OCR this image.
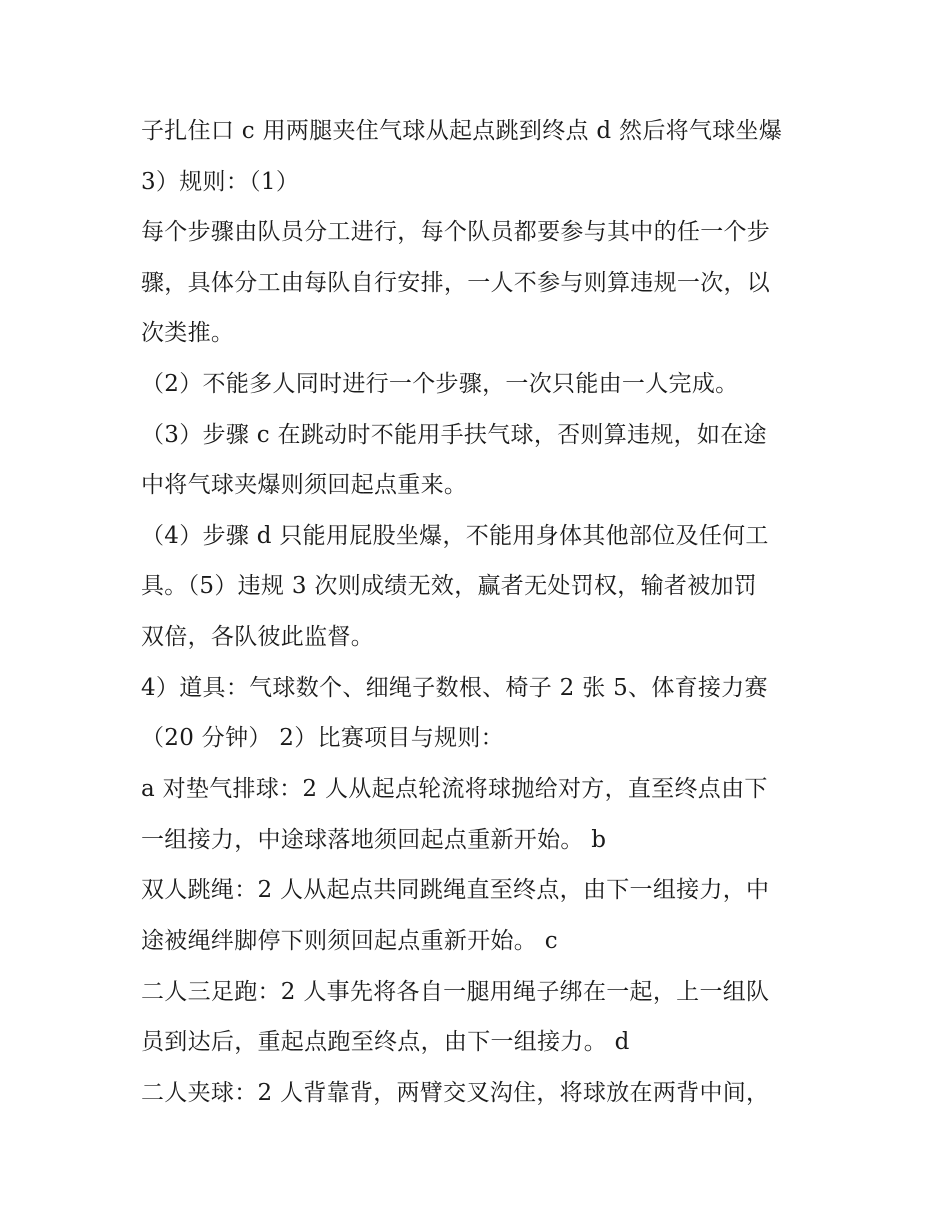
子扎住口 c 用两腿夹住气球从起点跳到终点 d 然后将气球坐爆
3）规则：（1）
每个步骤由队员分工进行，每个队员都要参与其中的任一个步
骤，具体分工由每队自行安排，一人不参与则算违规一次，以
次类推。
（2）不能多人同时进行一个步骤，一次只能由一人完成。
（3）步骤 c 在跳动时不能用手扶气球，否则算违规，如在途
中将气球夹爆则须回起点重来。
（4）步骤 d 只能用屁股坐爆，不能用身体其他部位及任何工
具。（5）违规 3 次则成绩无效，赢者无处罚权，输者被加罚
双倍，各队彼此监督。
4）道具：气球数个、细绳子数根、椅子 2 张 5、体育接力赛
（20 分钟） 2）比赛项目与规则：
a 对垫气排球：2 人从起点轮流将球抛给对方，直至终点由下
一组接力，中途球落地须回起点重新开始。 b
双人跳绳：2 人从起点共同跳绳直至终点，由下一组接力，中
途被绳绊脚停下则须回起点重新开始。 c
二人三足跑：2 人事先将各自一腿用绳子绑在一起，上一组队
员到达后，重起点跑至终点，由下一组接力。 d
二人夹球：2 人背靠背，两臂交叉沟住，将球放在两背中间，
